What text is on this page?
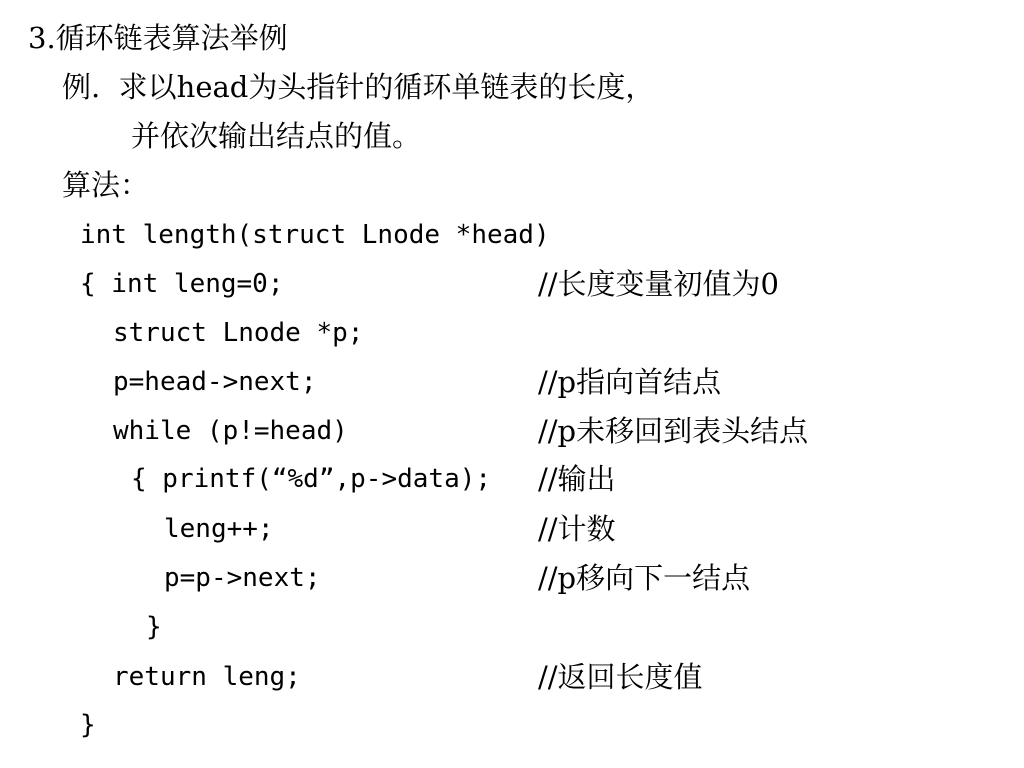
3.循环链表算法举例
例.  求以head为头指针的循环单链表的长度，
并依次输出结点的值。
算法：
int length(struct Lnode *head)
{ int leng=0;	//长度变量初值为0
struct Lnode *p;
p=head->next;	//p指向首结点
while (p!=head)	//p未移回到表头结点
{ printf(“%d”,p->data); //输出
leng++;	//计数
p=p->next;	//p移向下一结点
}
return leng;	//返回长度值
}
